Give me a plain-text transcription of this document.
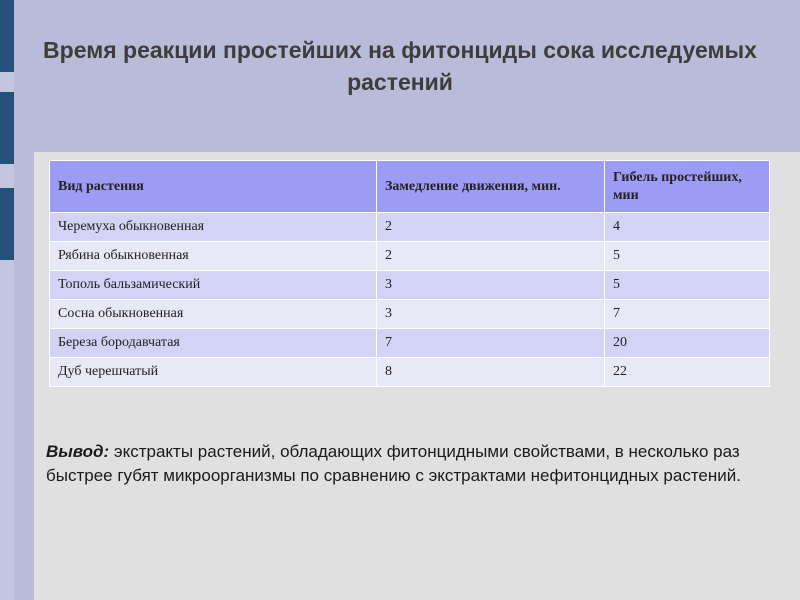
Время реакции простейших на фитонциды сока исследуемых растений
Вид растения	Замедление движения, мин.	Гибель простейших, мин
Черемуха обыкновенная	2	4
Рябина обыкновенная	2	5
Тополь бальзамический	3	5
Сосна обыкновенная	3	7
Береза бородавчатая	7	20
Дуб черешчатый	8	22
Вывод: экстракты растений, обладающих фитонцидными свойствами, в несколько раз быстрее губят микроорганизмы по сравнению с экстрактами нефитонцидных растений.
